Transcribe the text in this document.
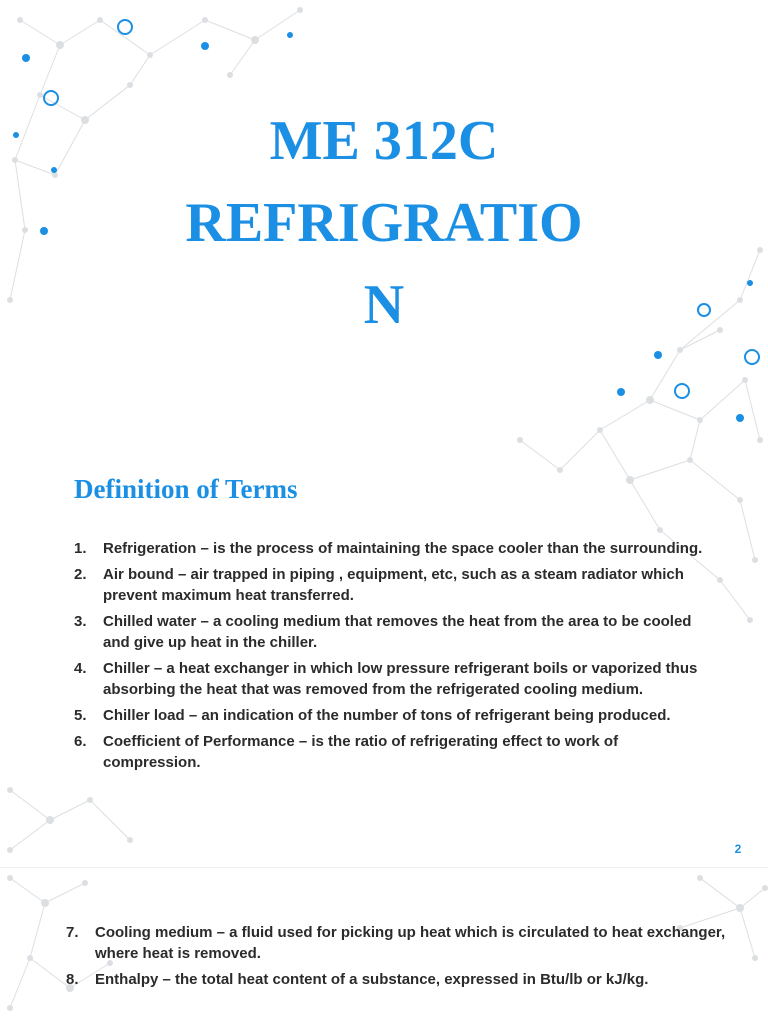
ME 312C
REFRIGRATIO
N
Definition of Terms
1. Refrigeration – is the process of maintaining the space cooler than the surrounding.
2. Air bound – air trapped in piping , equipment, etc, such as a steam radiator which prevent maximum heat transferred.
3. Chilled water – a cooling medium that removes the heat from the area to be cooled and give up heat in the chiller.
4. Chiller – a heat exchanger in which low pressure refrigerant boils or vaporized thus absorbing the heat that was removed from the refrigerated cooling medium.
5. Chiller load – an indication of the number of tons of refrigerant being produced.
6. Coefficient of Performance – is the ratio of refrigerating effect to work of compression.
2
7. Cooling medium – a fluid used for picking up heat which is circulated to heat exchanger, where heat is removed.
8. Enthalpy – the total heat content of a substance, expressed in Btu/lb or kJ/kg.
